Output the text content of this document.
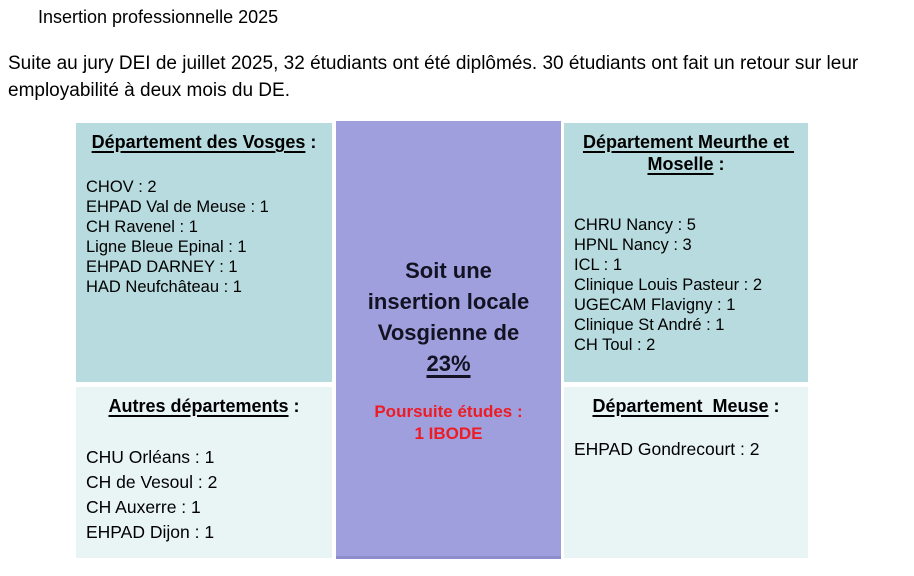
Insertion professionnelle 2025
Suite au jury DEI de juillet 2025, 32 étudiants ont été diplômés. 30 étudiants ont fait un retour sur leur employabilité à deux mois du DE.
Département des Vosges :
CHOV : 2
EHPAD Val de Meuse : 1
CH Ravenel : 1
Ligne Bleue Epinal : 1
EHPAD DARNEY : 1
HAD Neufchâteau : 1
Soit une
insertion locale
Vosgienne de
23%
Poursuite études :
1 IBODE
Département Meurthe et Moselle :
CHRU Nancy : 5
HPNL Nancy : 3
ICL : 1
Clinique Louis Pasteur : 2
UGECAM Flavigny : 1
Clinique St André : 1
CH Toul : 2
Autres départements :
CHU Orléans : 1
CH de Vesoul : 2
CH Auxerre : 1
EHPAD Dijon : 1
Département  Meuse :
EHPAD Gondrecourt : 2
